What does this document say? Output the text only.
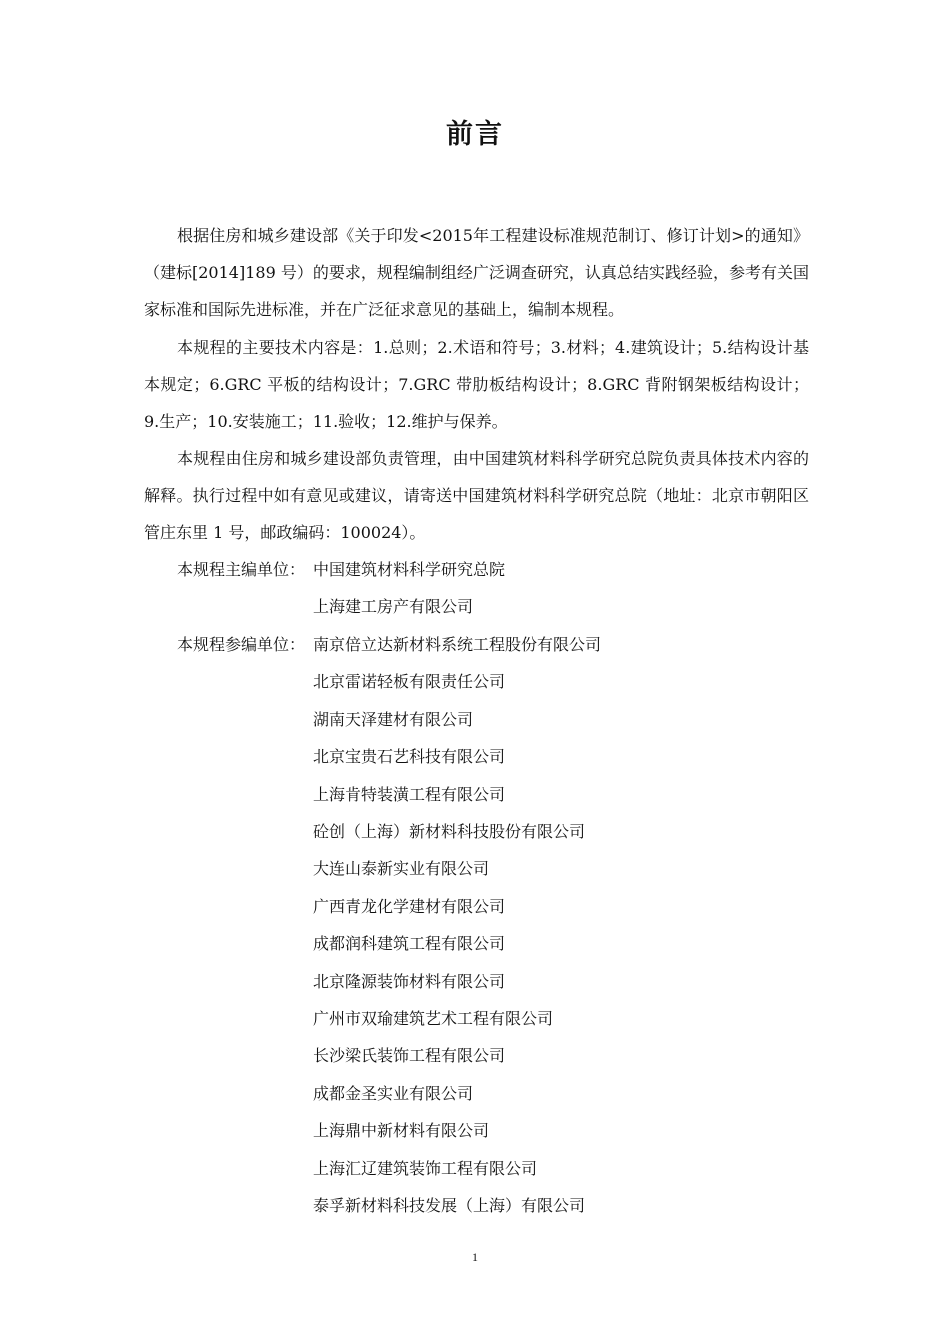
前言

根据住房和城乡建设部《关于印发<2015年工程建设标准规范制订、修订计划>的通知》（建标[2014]189 号）的要求，规程编制组经广泛调查研究，认真总结实践经验，参考有关国家标准和国际先进标准，并在广泛征求意见的基础上，编制本规程。

本规程的主要技术内容是：1.总则；2.术语和符号；3.材料；4.建筑设计；5.结构设计基本规定；6.GRC 平板的结构设计；7.GRC 带肋板结构设计；8.GRC 背附钢架板结构设计；9.生产；10.安装施工；11.验收；12.维护与保养。

本规程由住房和城乡建设部负责管理，由中国建筑材料科学研究总院负责具体技术内容的解释。执行过程中如有意见或建议，请寄送中国建筑材料科学研究总院（地址：北京市朝阳区管庄东里 1 号，邮政编码：100024）。

本规程主编单位： 中国建筑材料科学研究总院
上海建工房产有限公司
本规程参编单位： 南京倍立达新材料系统工程股份有限公司
北京雷诺轻板有限责任公司
湖南天泽建材有限公司
北京宝贵石艺科技有限公司
上海肯特装潢工程有限公司
砼创（上海）新材料科技股份有限公司
大连山泰新实业有限公司
广西青龙化学建材有限公司
成都润科建筑工程有限公司
北京隆源装饰材料有限公司
广州市双瑜建筑艺术工程有限公司
长沙梁氏装饰工程有限公司
成都金圣实业有限公司
上海鼎中新材料有限公司
上海汇辽建筑装饰工程有限公司
泰孚新材料科技发展（上海）有限公司
1
